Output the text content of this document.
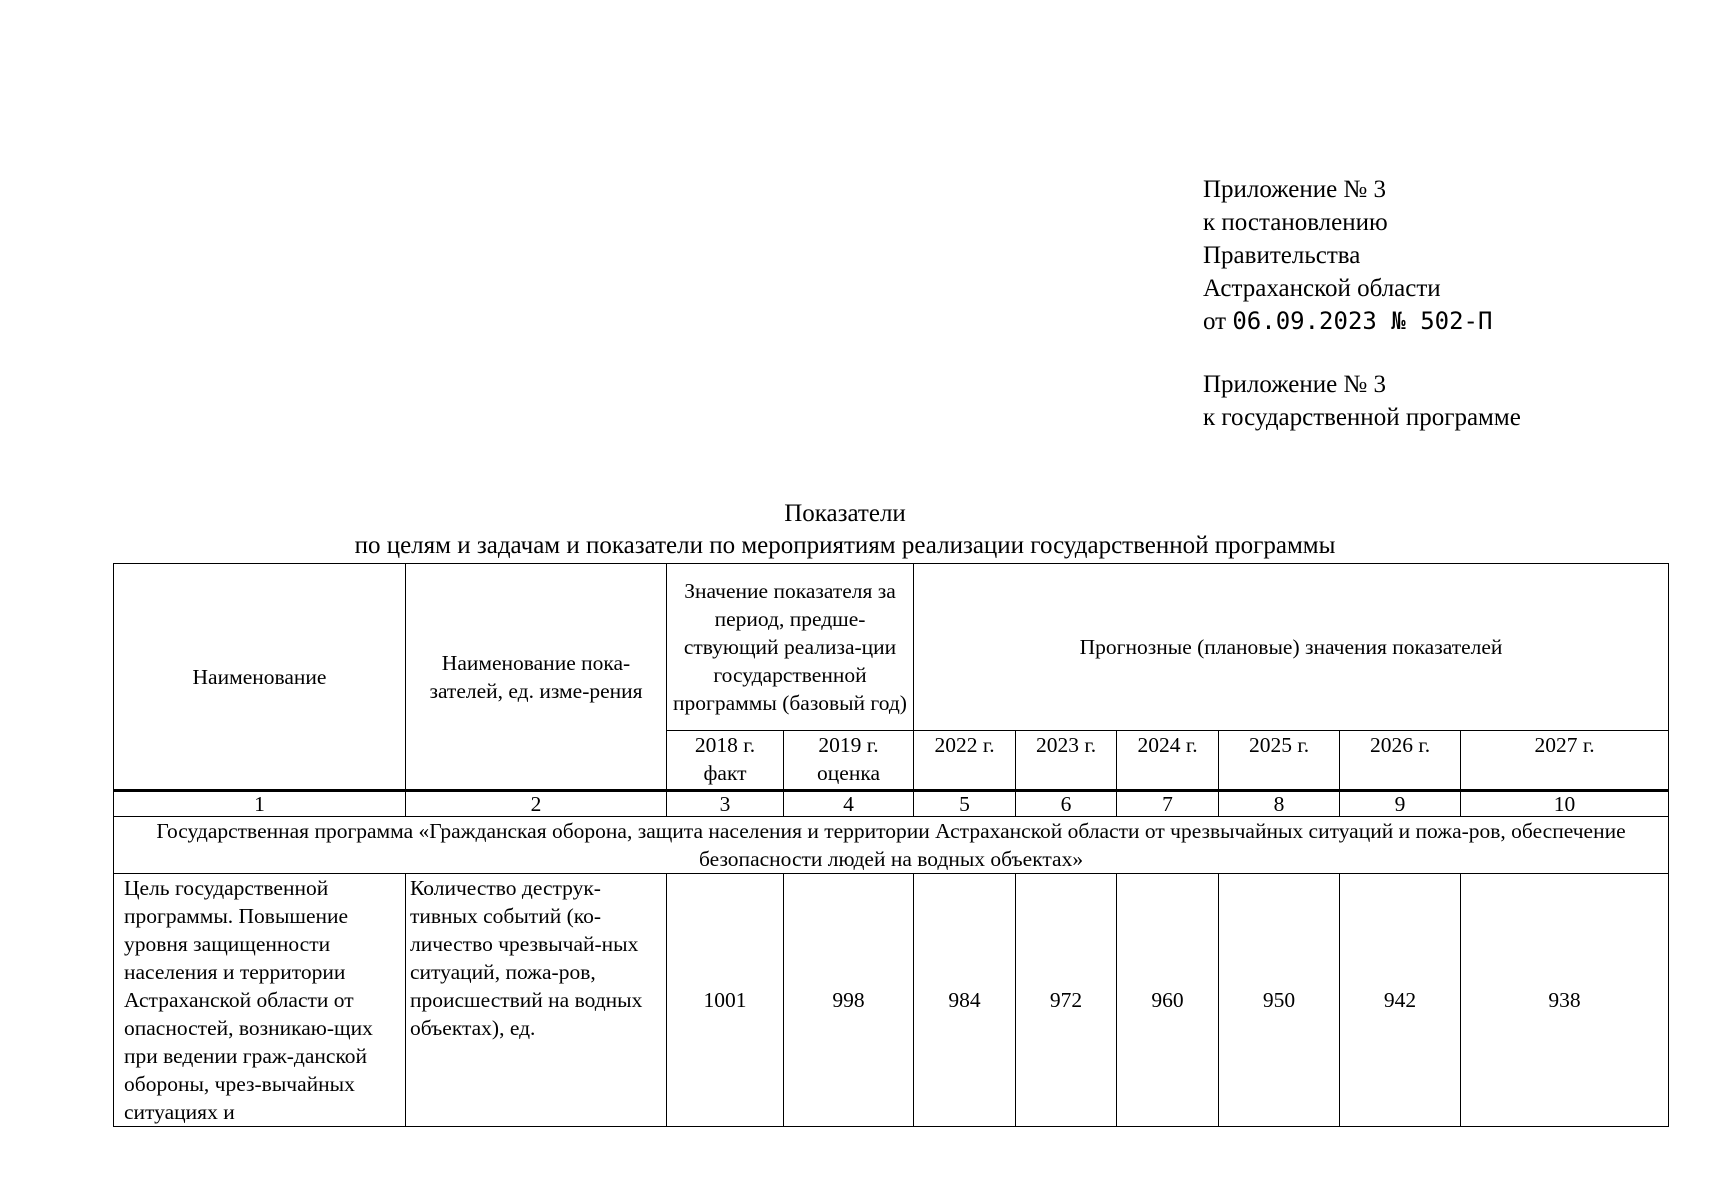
Приложение № 3

к постановлению

Правительства

Астраханской области

от 06.09.2023 № 502-П

Приложение № 3

к государственной программе

Показатели
по целям и задачам и показатели по мероприятиям реализации государственной программы
Наименование	Наименование пока-зателей, ед. изме-рения	Значение показателя за период, предше-ствующий реализа-ции государственной программы (базовый год)		Прогнозные (плановые) значения показателей					
		2018 г. факт	2019 г. оценка	2022 г.	2023 г.	2024 г.	2025 г.	2026 г.	2027 г.
1	2	3	4	5	6	7	8	9	10
Государственная программа «Гражданская оборона, защита населения и территории Астраханской области от чрезвычайных ситуаций и пожа-ров, обеспечение безопасности людей на водных объектах»									
Цель государственной программы. Повышение уровня защищенности населения и территории Астраханской области от опасностей, возникаю-щих при ведении граж-данской обороны, чрез-вычайных ситуациях и	Количество деструк-тивных событий (ко-личество чрезвычай-ных ситуаций, пожа-ров, происшествий на водных объектах), ед.	1001	998	984	972	960	950	942	938
